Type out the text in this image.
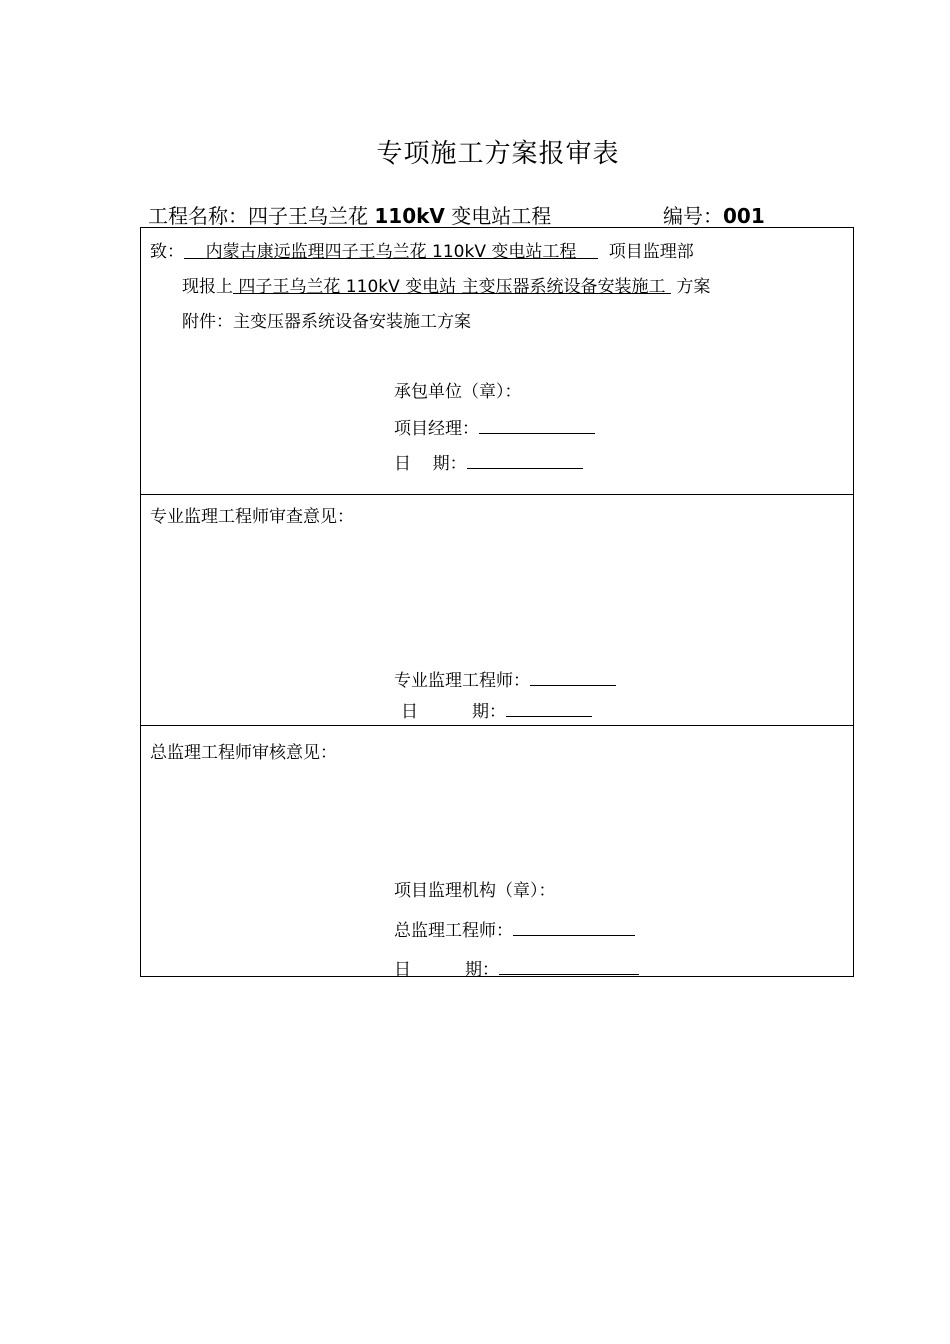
专项施工方案报审表
工程名称：四子王乌兰花 110kV 变电站工程	编号：001
致： 内蒙古康远监理四子王乌兰花 110kV 变电站工程 项目监理部
现报上 四子王乌兰花 110kV 变电站 主变压器系统设备安装施工 方案
附件：主变压器系统设备安装施工方案
承包单位（章）：
项目经理：
日    期：
专业监理工程师审查意见：
专业监理工程师：
日          期：
总监理工程师审核意见：
项目监理机构（章）：
总监理工程师：
日          期：
